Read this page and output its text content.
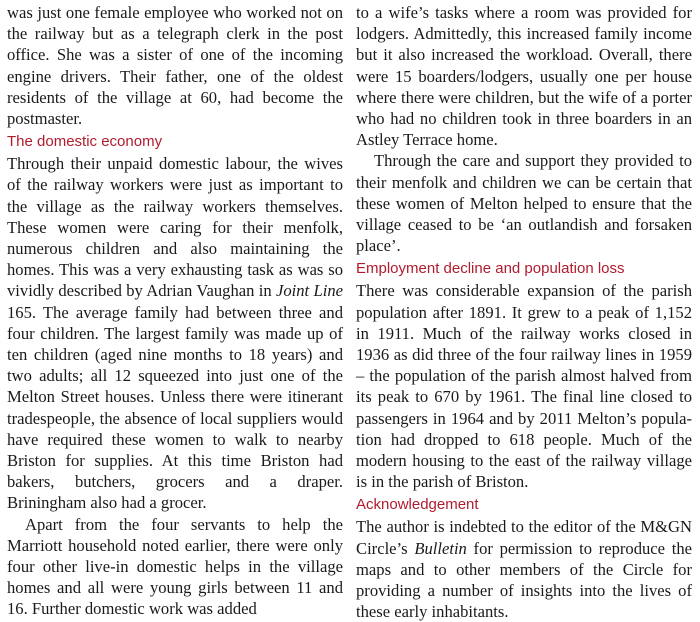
was just one female employee who worked not on the railway but as a telegraph clerk in the post office. She was a sister of one of the incoming engine drivers. Their father, one of the oldest residents of the village at 60, had become the postmaster.

The domestic economy

Through their unpaid domestic labour, the wives of the railway workers were just as important to the village as the railway workers themselves. These women were caring for their menfolk, numerous children and also maintaining the homes. This was a very exhausting task as was so vividly described by Adrian Vaughan in Joint Line 165. The average family had between three and four children. The largest family was made up of ten children (aged nine months to 18 years) and two adults; all 12 squeezed into just one of the Melton Street houses. Unless there were itinerant tradespeople, the absence of local suppliers would have required these women to walk to nearby Briston for supplies. At this time Briston had bakers, butchers, grocers and a draper. Briningham also had a grocer.

Apart from the four servants to help the Marriott household noted earlier, there were only four other live-in domestic helps in the village homes and all were young girls between 11 and 16. Further domestic work was added

to a wife’s tasks where a room was provided for lodgers. Admittedly, this increased family income but it also increased the workload. Overall, there were 15 boarders/lodgers, usually one per house where there were children, but the wife of a porter who had no children took in three boarders in an Astley Terrace home.

Through the care and support they provided to their menfolk and children we can be certain that these women of Melton helped to ensure that the village ceased to be ‘an outlandish and forsaken place’.

Employment decline and population loss

There was considerable expansion of the parish population after 1891. It grew to a peak of 1,152 in 1911. Much of the railway works closed in 1936 as did three of the four railway lines in 1959 – the population of the parish almost halved from its peak to 670 by 1961. The final line closed to passengers in 1964 and by 2011 Melton’s population had dropped to 618 people. Much of the modern housing to the east of the railway village is in the parish of Briston.

Acknowledgement

The author is indebted to the editor of the M&GN Circle’s Bulletin for permission to reproduce the maps and to other members of the Circle for providing a number of insights into the lives of these early inhabitants.
